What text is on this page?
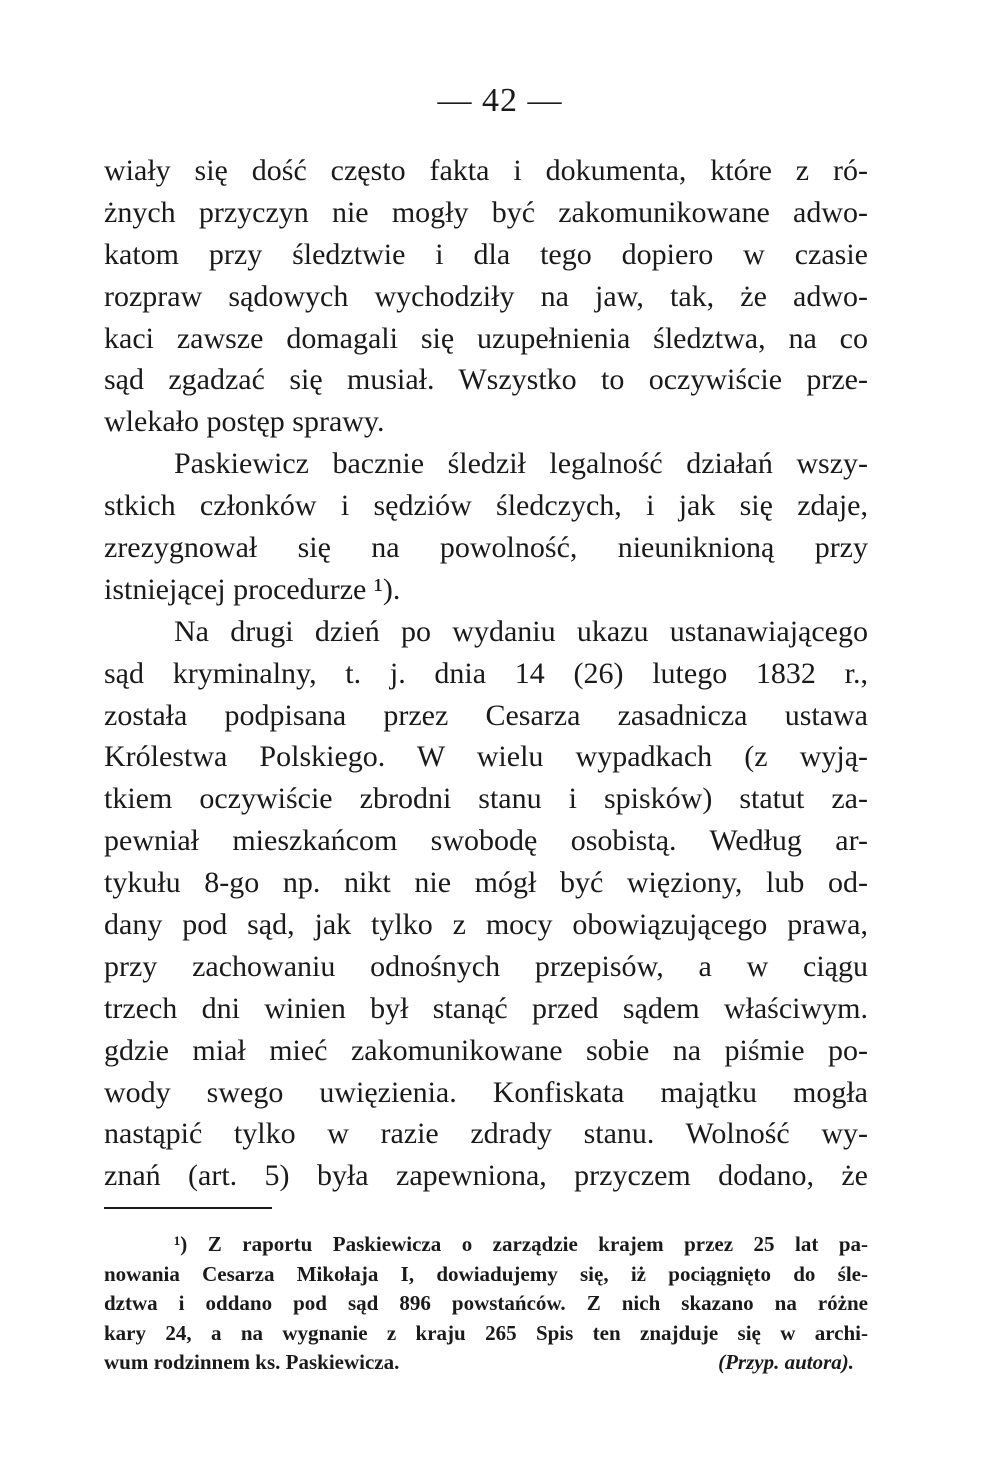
— 42 —
wiały się dość często fakta i dokumenta, które z ró-
żnych przyczyn nie mogły być zakomunikowane adwo-
katom przy śledztwie i dla tego dopiero w czasie
rozpraw sądowych wychodziły na jaw, tak, że adwo-
kaci zawsze domagali się uzupełnienia śledztwa, na co
sąd zgadzać się musiał. Wszystko to oczywiście prze-
wlekało postęp sprawy.
Paskiewicz bacznie śledził legalność działań wszy-
stkich członków i sędziów śledczych, i jak się zdaje,
zrezygnował się na powolność, nieuniknioną przy
istniejącej procedurze ¹).
Na drugi dzień po wydaniu ukazu ustanawiającego
sąd kryminalny, t. j. dnia 14 (26) lutego 1832 r.,
została podpisana przez Cesarza zasadnicza ustawa
Królestwa Polskiego. W wielu wypadkach (z wyją-
tkiem oczywiście zbrodni stanu i spisków) statut za-
pewniał mieszkańcom swobodę osobistą. Według ar-
tykułu 8-go np. nikt nie mógł być więziony, lub od-
dany pod sąd, jak tylko z mocy obowiązującego prawa,
przy zachowaniu odnośnych przepisów, a w ciągu
trzech dni winien był stanąć przed sądem właściwym.
gdzie miał mieć zakomunikowane sobie na piśmie po-
wody swego uwięzienia. Konfiskata majątku mogła
nastąpić tylko w razie zdrady stanu. Wolność wy-
znań (art. 5) była zapewniona, przyczem dodano, że
¹) Z raportu Paskiewicza o zarządzie krajem przez 25 lat pa-
nowania Cesarza Mikołaja I, dowiadujemy się, iż pociągnięto do śle-
dztwa i oddano pod sąd 896 powstańców. Z nich skazano na różne
kary 24, a na wygnanie z kraju 265 Spis ten znajduje się w archi-
wum rodzinnem ks. Paskiewicza.	(Przyp. autora).
